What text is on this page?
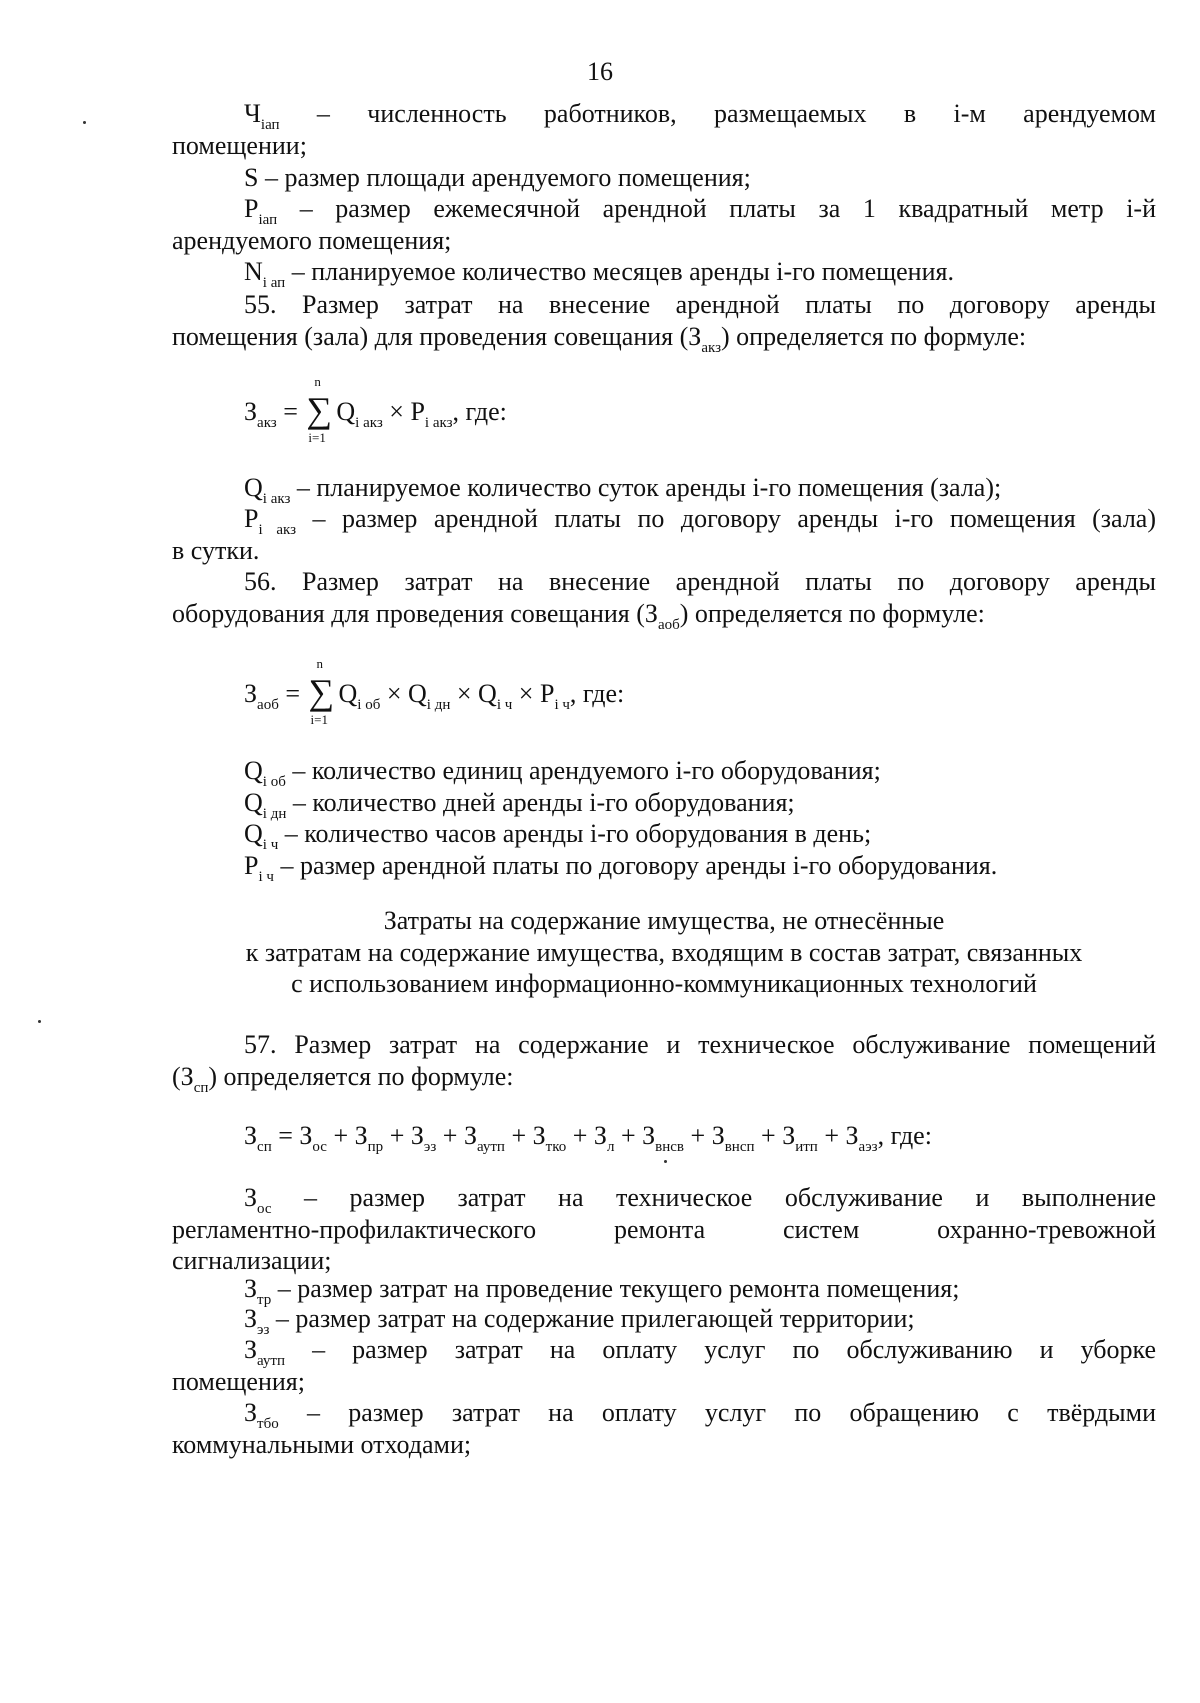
16

$Ч_{iап}$ – численность работников, размещаемых в i-м арендуемом

помещении;

S – размер площади арендуемого помещения;

$P_{iап}$ – размер ежемесячной арендной платы за 1 квадратный метр i-й

арендуемого помещения;

$N_{i ап}$ – планируемое количество месяцев аренды i-го помещения.

55. Размер затрат на внесение арендной платы по договору аренды

помещения (зала) для проведения совещания $(З_{акз})$ определяется по формуле:

$З_{акз}$ =
n
∑
i=1
$Q_{i акз} \times P_{i акз}$, где:

$Q_{i акз}$ – планируемое количество суток аренды i-го помещения (зала);

$P_{i акз}$ – размер арендной платы по договору аренды i-го помещения (зала)

в сутки.

56. Размер затрат на внесение арендной платы по договору аренды

оборудования для проведения совещания $(З_{аоб})$ определяется по формуле:

$З_{аоб}$ =
n
∑
i=1
$Q_{i об} \times Q_{i дн} \times Q_{i ч} \times P_{i ч}$, где:

$Q_{i об}$ – количество единиц арендуемого i-го оборудования;

$Q_{i дн}$ – количество дней аренды i-го оборудования;

$Q_{i ч}$ – количество часов аренды i-го оборудования в день;

$P_{i ч}$ – размер арендной платы по договору аренды i-го оборудования.

Затраты на содержание имущества, не отнесённые

к затратам на содержание имущества, входящим в состав затрат, связанных

с использованием информационно-коммуникационных технологий

57. Размер затрат на содержание и техническое обслуживание помещений

$(З_{сп})$ определяется по формуле:

$З_{сп} = З_{ос} + З_{пр} + З_{эз} + З_{аутп} + З_{тко} + З_л + З_{внсв} + З_{внсп} + З_{итп} + З_{аэз}$, где:

$З_{ос}$ – размер затрат на техническое обслуживание и выполнение

регламентно-профилактического ремонта систем охранно-тревожной

сигнализации;

$З_{тр}$ – размер затрат на проведение текущего ремонта помещения;

$З_{эз}$ – размер затрат на содержание прилегающей территории;

$З_{аутп}$ – размер затрат на оплату услуг по обслуживанию и уборке

помещения;

$З_{тбо}$ – размер затрат на оплату услуг по обращению с твёрдыми

коммунальными отходами;
